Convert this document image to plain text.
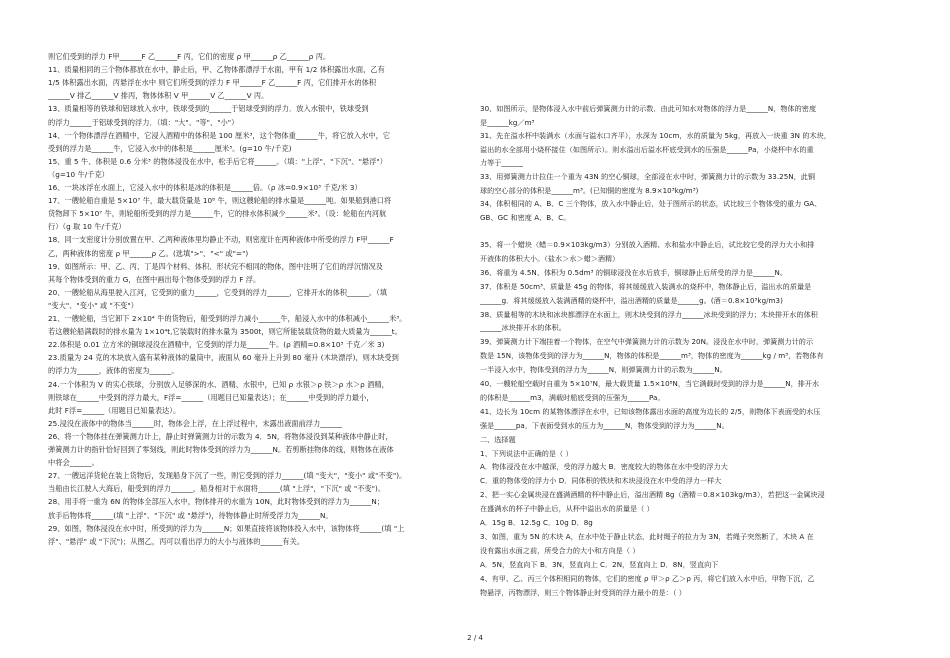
则它们受到的浮力 F甲______F 乙______F 丙，它们的密度 ρ 甲______ρ 乙______ρ 丙。
11、质量相同的三个物体都放在水中，静止后，甲、乙物体都漂浮于水面，甲有 1/2 体积露出水面，乙有
1/5 体积露出水面，丙悬浮在水中 则它们所受到的浮力 F 甲______F 乙______F 丙，它们排开水的体积
______V 排乙______V 排丙，物体体积 V 甲______V 乙______V 丙。
13、质量相等的铁球和铝球放入水中，铁球受到的______于铝球受到的浮力．放入水银中，铁球受到
的浮力______于铝球受到的浮力．（填："大"、"等"、"小"）
14、一个物体漂浮在酒精中，它浸入酒精中的体积是 100 厘米³，这个物体重______牛，将它放入水中，它
受到的浮力是______牛，它浸入水中的体积是______厘米³。(g=10 牛/千克)
15、重 5 牛、体积是 0.6 分米³ 的物体浸没在水中，松手后它将______。（填："上浮"、"下沉"、"悬浮"）
（g=10 牛/千克）
16、一块冰浮在水面上，它浸入水中的体积是冰的体积是______倍。（ρ 冰=0.9×10³ 千克/米 3）
17、一艘轮船自重是 5×10⁷ 牛，最大载货量是 10⁸ 牛，则这艘轮船的排水量是______吨。如果船到港口将
货物卸下 5×10⁷ 牛，则轮船所受到的浮力是______牛，它的排水体积减少______米³。（设：轮船在内河航
行）（g 取 10 牛/千克）
18、同一支密度计分别放置在甲、乙两种液体里均静止不动，则密度计在两种液体中所受的浮力 F甲______F
乙，两种液体的密度 ρ 甲______ρ 乙。(选填">"、"<" 或"=")
19、如图所示：甲、乙、丙、丁是四个材料、体积、形状完不相同的物体，图中注明了它们的浮沉情况及
其每个物体受到的重力 G，在图中画出每个物体受到的浮力 F 浮。
20、一艘轮船从海里驶入江河，它受到的重力______，它受到的浮力______，它排开水的体积______。（填
"变大"、"变小" 或 "不变"）
21、一艘轮船，当它卸下 2×10⁴ 牛的货物后，船受到的浮力减小______牛，船浸入水中的体积减小______米³。
若这艘轮船满载时的排水量为 1×10⁴t,它装载时的排水量为 3500t，则它所能装载货物的最大质量为______t。
22.体积是 0.01 立方米的铜球浸没在酒精中，它受到的浮力是______牛。(ρ 酒精=0.8×10³ 千克／米 3)
23.质量为 24 克的木块放入盛有某种液体的量筒中，液面从 60 毫升上升到 80 毫升 (木块漂浮)，则木块受到
的浮力为______，液体的密度为______。
24.一个体积为 V 的实心铁球，分别放入足够深的水、酒精、水银中，已知 ρ 水银＞ρ 铁＞ρ 水＞ρ 酒精，
则铁球在______中受到的浮力最大，F浮=______（用题目已知量表达）；在______中受到的浮力最小，
此时 F浮=______（用题目已知量表达）。
25.浸没在液体中的物体当______时，物体会上浮，在上浮过程中，未露出液面前浮力______
26、将一个物体挂在弹簧测力计上，静止时弹簧测力计的示数为 4．5N，将物体浸没到某种液体中静止时，
弹簧测力计的指针恰好回到了零刻线，则此时物体受到的浮力为______N。若剪断挂物体的线，则物体在液体
中将会______。
27、一艘远洋货轮在装上货物后，发现船身下沉了一些，则它受到的浮力______(填 "变大"，"变小" 或"不变")。
当船由长江驶入大海后，船受到的浮力______，船身相对于水面将______(填 "上浮"，"下沉" 或 "不变")。
28、用手将一重为 6N 的物体全部压入水中，物体排开的水重为 10N，此时物体受到的浮力为______N；
放手后物体将______(填 "上浮"、"下沉" 或 "悬浮")，待物体静止时所受浮力为______N。
29、如图，物体浸没在水中时，所受到的浮力为______N；如果直接将该物体投入水中，该物体将______(填 "上
浮"、"悬浮" 或 "下沉")；从图乙，丙可以看出浮力的大小与液体的______有关。
30、如图所示，是物体浸入水中前后弹簧测力计的示数．由此可知水对物体的浮力是______N，物体的密度
是______kg／m³
31、先在溢水杯中装满水（水面与溢水口齐平），水深为 10cm，水的质量为 5kg，再放入一块重 3N 的木块，
溢出的水全部用小烧杯接住（如图所示）。则水溢出后溢水杯底受到水的压强是______Pa，小烧杯中水的重
力等于______
33、用弹簧测力计拉住一个重为 43N 的空心铜球，全部浸在水中时，弹簧测力计的示数为 33.25N，此铜
球的空心部分的体积是______m³。(已知铜的密度为 8.9×10³kg/m³)
34、体积相同的 A、B、C 三个物体，放入水中静止后，处于图所示的状态，试比较三个物体受的重力 GA、
GB、GC 和密度 A、B、C。
35、将一个蜡块（蜡＝0.9×103kg/m3）分别放入酒精、水和盐水中静止后，试比较它受的浮力大小和排
开液体的体积大小。（盐水＞水＞蜡＞酒精）
36、将重为 4.5N、体积为 0.5dm³ 的铜球浸没在水后放手，铜球静止后所受的浮力是______N。
37、体积是 50cm³、质量是 45g 的物体，将其缓缓放入装满水的烧杯中，物体静止后，溢出水的质量是
______g．将其缓缓放入装满酒精的烧杯中，溢出酒精的质量是______g。(酒＝0.8×10³kg/m3)
38、质量相等的木块和冰块都漂浮在水面上，则木块受到的浮力______冰块受到的浮力；木块排开水的体积
______冰块排开水的体积。
39、弹簧测力计下端挂着一个物体，在空气中弹簧测力计的示数为 20N。浸没在水中时，弹簧测力计的示
数是 15N，该物体受到的浮力为______N，物体的体积是______m³，物体的密度为______kg / m³，若物体有
一半浸入水中，物体受到的浮力为______N，则弹簧测力计的示数为______N。
40、一艘轮船空载时自重为 5×10⁷N，最大载货量 1.5×10⁸N，当它满载时受到的浮力是______N，排开水
的体积是______m3，满载时船底受到的压强为______Pa。
41、边长为 10cm 的某物体漂浮在水中，已知该物体露出水面的高度为边长的 2/5，则物体下表面受的水压
强是______pa，下表面受到水的压力为______N，物体受到的浮力为______N。
二、选择题
1、下列说法中正确的是（ ）
A．物体浸没在水中越深，受的浮力越大 B．密度较大的物体在水中受的浮力大
C．重的物体受的浮力小 D．同体积的铁块和木块浸没在水中受的浮力一样大
2、把一实心金属块浸在盛满酒精的杯中静止后，溢出酒精 8g（酒精＝0.8×103kg/m3），若把这一金属块浸
在盛满水的杯子中静止后，从杯中溢出水的质量是（ ）
A．15g B．12.5g C．10g D．8g
3、如图，重为 5N 的木块 A，在水中处于静止状态，此时绳子的拉力为 3N，若绳子突然断了，木块 A 在
没有露出水面之前，所受合力的大小和方向是（ ）
A．5N，竖直向下 B．3N，竖直向上 C．2N，竖直向上 D．8N，竖直向下
4、有甲、乙、丙三个体积相同的物体，它们的密度 ρ 甲＞ρ 乙＞ρ 丙，将它们放入水中后，甲物下沉，乙
物悬浮，丙物漂浮，则三个物体静止时受到的浮力最小的是：（ ）
2 / 4
